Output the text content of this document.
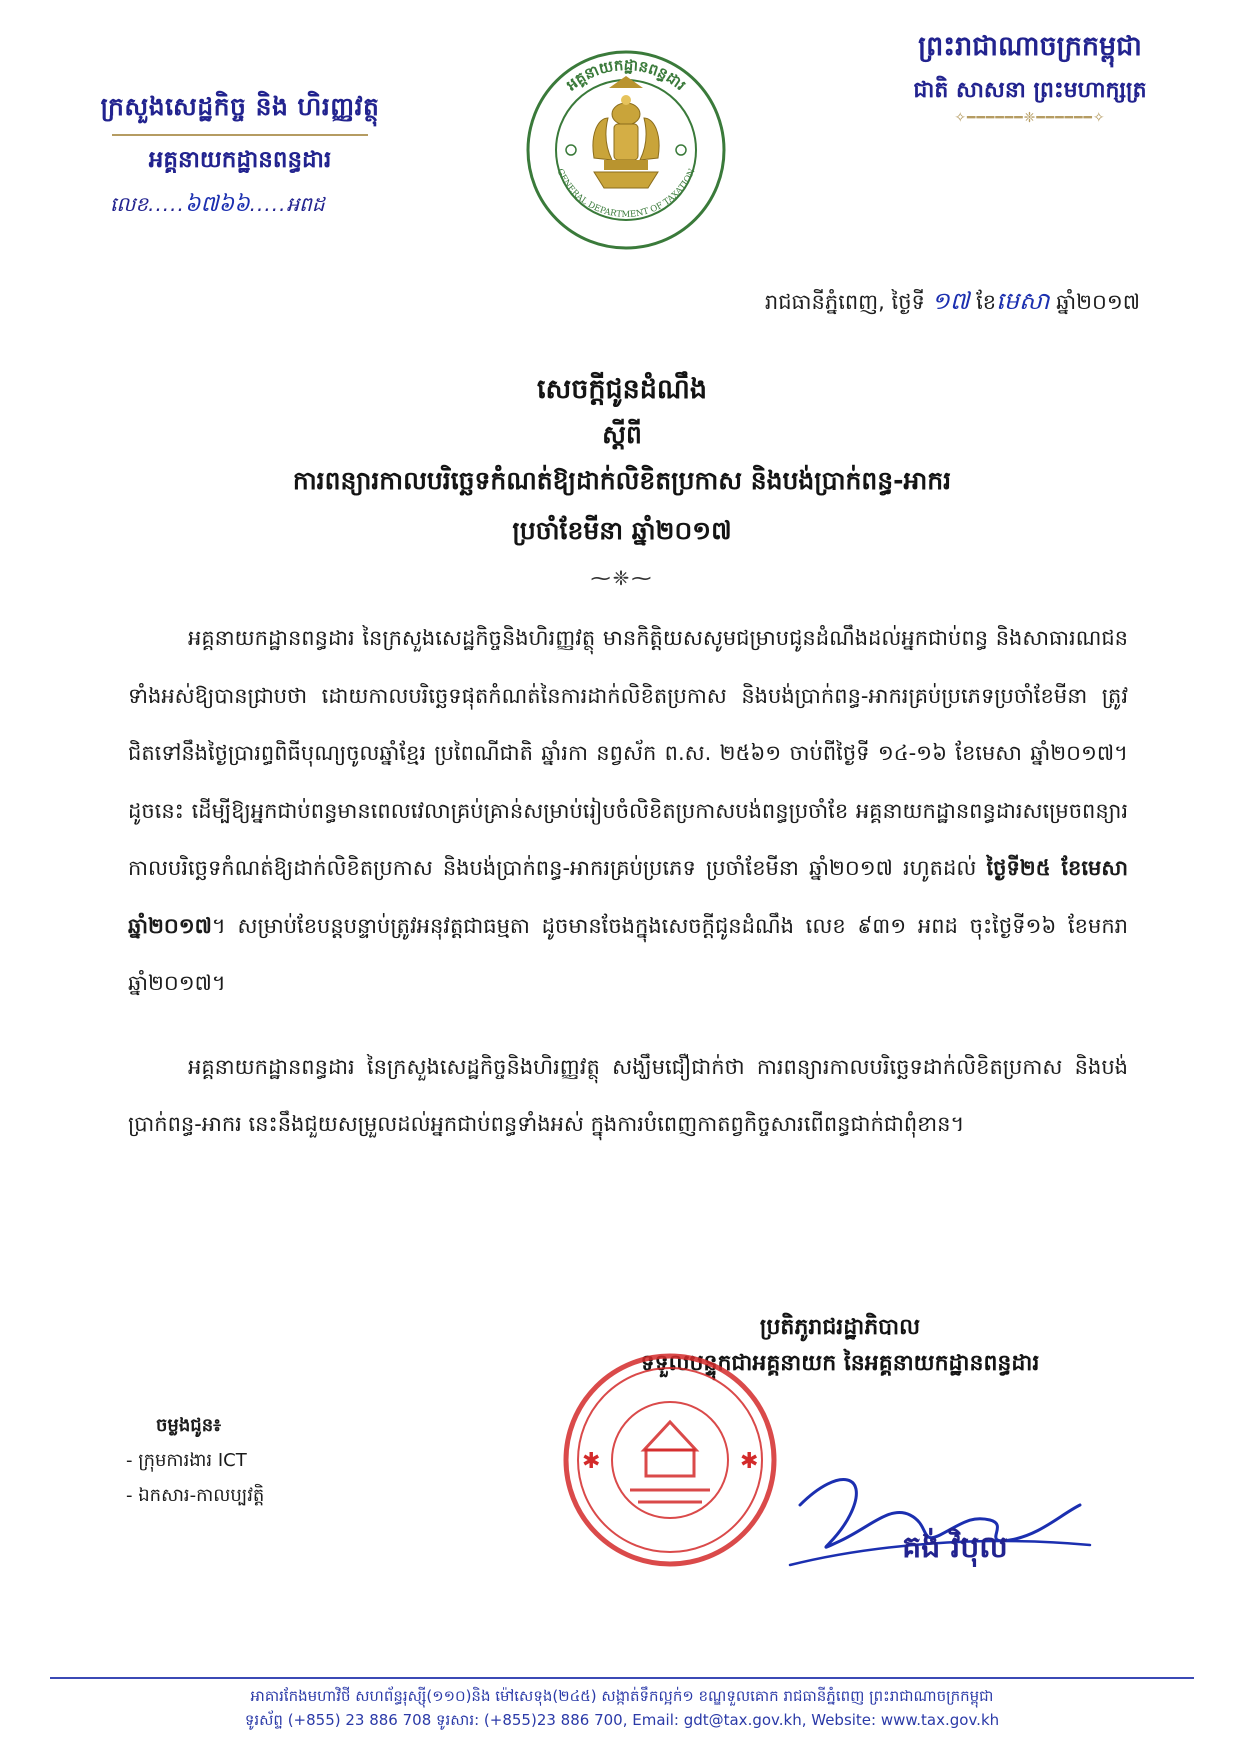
ក្រសួងសេដ្ឋកិច្ច និង ហិរញ្ញវត្ថុ
អគ្គនាយកដ្ឋានពន្ធដារ
លេខ.....៦៧៦៦.....អពដ
អគ្គនាយកដ្ឋានពន្ធដារ
GENERAL DEPARTMENT OF TAXATION
ព្រះរាជាណាចក្រកម្ពុជា
ជាតិ សាសនា ព្រះមហាក្សត្រ
✧━━━━━━❈━━━━━━✧
រាជធានីភ្នំពេញ, ថ្ងៃទី ១៧ ខែមេសា ឆ្នាំ២០១៧
សេចក្តីជូនដំណឹង
ស្តីពី
ការពន្យារកាលបរិច្ឆេទកំណត់ឱ្យដាក់លិខិតប្រកាស និងបង់ប្រាក់ពន្ធ-អាករ
ប្រចាំខែមីនា ឆ្នាំ២០១៧
⁓❈⁓

អគ្គនាយកដ្ឋានពន្ធដារ នៃក្រសួងសេដ្ឋកិច្ចនិងហិរញ្ញវត្ថុ មានកិត្តិយសសូមជម្រាបជូនដំណឹងដល់អ្នកជាប់ពន្ធ និងសាធារណជនទាំងអស់ឱ្យបានជ្រាបថា ដោយកាលបរិច្ឆេទផុតកំណត់នៃការដាក់លិខិតប្រកាស និងបង់ប្រាក់ពន្ធ-អាករគ្រប់ប្រភេទប្រចាំខែមីនា ត្រូវជិតទៅនឹងថ្ងៃប្រារព្ធពិធីបុណ្យចូលឆ្នាំខ្មែរ ប្រពៃណីជាតិ ឆ្នាំរកា នព្វស័ក ព.ស. ២៥៦១ ចាប់ពីថ្ងៃទី ១៤-១៦ ខែមេសា ឆ្នាំ២០១៧។ ដូចនេះ ដើម្បីឱ្យអ្នកជាប់ពន្ធមានពេលវេលាគ្រប់គ្រាន់សម្រាប់រៀបចំលិខិតប្រកាសបង់ពន្ធប្រចាំខែ អគ្គនាយកដ្ឋានពន្ធដារសម្រេចពន្យារកាលបរិច្ឆេទកំណត់ឱ្យដាក់លិខិតប្រកាស និងបង់ប្រាក់ពន្ធ-អាករគ្រប់ប្រភេទ ប្រចាំខែមីនា ឆ្នាំ២០១៧ រហូតដល់ ថ្ងៃទី២៥ ខែមេសា ឆ្នាំ២០១៧។ សម្រាប់ខែបន្តបន្ទាប់ត្រូវអនុវត្តជាធម្មតា ដូចមានចែងក្នុងសេចក្តីជូនដំណឹង លេខ ៩៣១ អពដ ចុះថ្ងៃទី១៦ ខែមករា ឆ្នាំ២០១៧។

អគ្គនាយកដ្ឋានពន្ធដារ នៃក្រសួងសេដ្ឋកិច្ចនិងហិរញ្ញវត្ថុ សង្ឃឹមជឿជាក់ថា ការពន្យារកាលបរិច្ឆេទដាក់លិខិតប្រកាស និងបង់ប្រាក់ពន្ធ-អាករ នេះនឹងជួយសម្រួលដល់អ្នកជាប់ពន្ធទាំងអស់ ក្នុងការបំពេញកាតព្វកិច្ចសារពើពន្ធជាក់ជាពុំខាន។

ប្រតិភូរាជរដ្ឋាភិបាល
ទទួលបន្ទុកជាអគ្គនាយក នៃអគ្គនាយកដ្ឋានពន្ធដារ
✱	✱
គង់ វិបុល
ចម្លងជូន៖
- ក្រុមការងារ ICT
- ឯកសារ-កាលប្បវត្តិ
អាគារកែងមហាវិថី សហព័ន្ធរុស្ស៊ី(១១០)និង ម៉ៅសេទុង(២៤៥) សង្កាត់ទឹកល្អក់១ ខណ្ឌទួលគោក រាជធានីភ្នំពេញ ព្រះរាជាណាចក្រកម្ពុជា
ទូរស័ព្ទ (+855) 23 886 708 ទូរសារ: (+855)23 886 700, Email: gdt@tax.gov.kh, Website: www.tax.gov.kh
